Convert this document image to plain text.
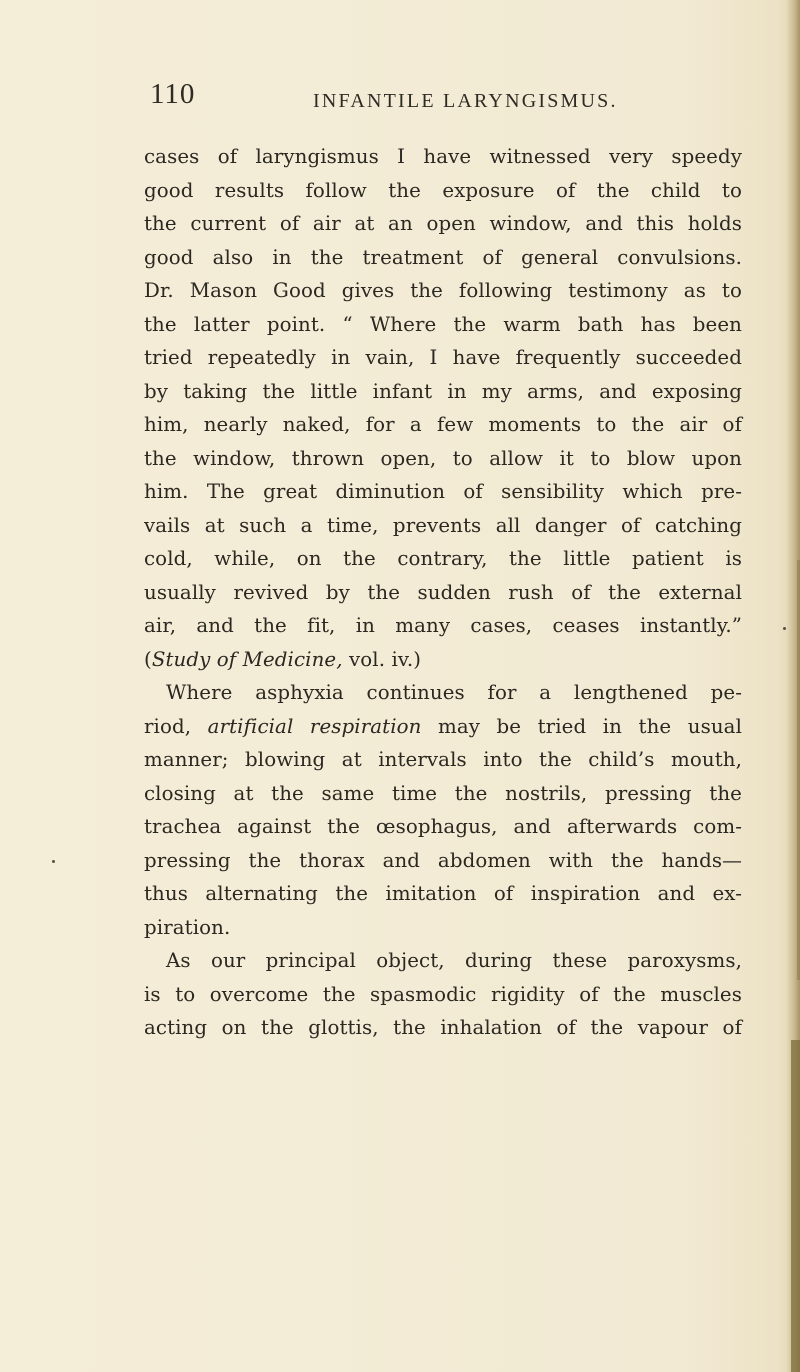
110	INFANTILE LARYNGISMUS.
cases of laryngismus I have witnessed very speedy
good results follow the exposure of the child to
the current of air at an open window, and this holds
good also in the treatment of general convulsions.
Dr. Mason Good gives the following testimony as to
the latter point. “ Where the warm bath has been
tried repeatedly in vain, I have frequently succeeded
by taking the little infant in my arms, and exposing
him, nearly naked, for a few moments to the air of
the window, thrown open, to allow it to blow upon
him. The great diminution of sensibility which pre-
vails at such a time, prevents all danger of catching
cold, while, on the contrary, the little patient is
usually revived by the sudden rush of the external
air, and the fit, in many cases, ceases instantly.”
(Study of Medicine, vol. iv.)
Where asphyxia continues for a lengthened pe-
riod, artificial respiration may be tried in the usual
manner; blowing at intervals into the child’s mouth,
closing at the same time the nostrils, pressing the
trachea against the œsophagus, and afterwards com-
pressing the thorax and abdomen with the hands—
thus alternating the imitation of inspiration and ex-
piration.
As our principal object, during these paroxysms,
is to overcome the spasmodic rigidity of the muscles
acting on the glottis, the inhalation of the vapour of
